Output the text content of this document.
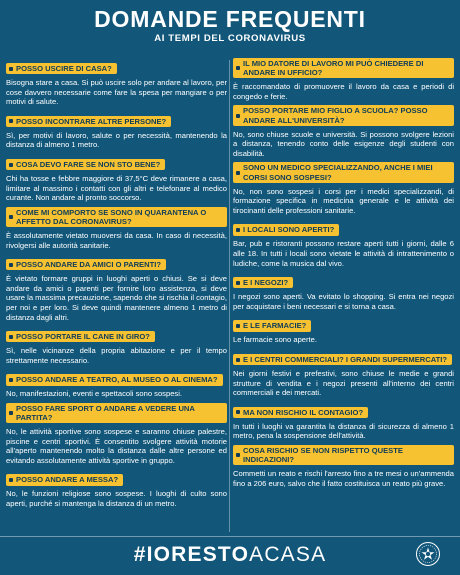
DOMANDE FREQUENTI
AI TEMPI DEL CORONAVIRUS
POSSO USCIRE DI CASA?
Bisogna stare a casa. Si può uscire solo per andare al lavoro, per cose davvero necessarie come fare la spesa per mangiare o per motivi di salute.
POSSO INCONTRARE ALTRE PERSONE?
Sì, per motivi di lavoro, salute o per necessità, mantenendo la distanza di almeno 1 metro.
COSA DEVO FARE SE NON STO BENE?
Chi ha tosse e febbre maggiore di 37,5°C deve rimanere a casa, limitare al massimo i contatti con gli altri e telefonare al medico curante. Non andare al pronto soccorso.
COME MI COMPORTO SE SONO IN QUARANTENA O AFFETTO DAL CORONAVIRUS?
È assolutamente vietato muoversi da casa. In caso di necessità, rivolgersi alle autorità sanitarie.
POSSO ANDARE DA AMICI O PARENTI?
È vietato formare gruppi in luoghi aperti o chiusi. Se si deve andare da amici o parenti per fornire loro assistenza, si deve usare la massima precauzione, sapendo che si rischia il contagio, per noi e per loro. Si deve quindi mantenere almeno 1 metro di distanza dagli altri.
POSSO PORTARE IL CANE IN GIRO?
Sì, nelle vicinanze della propria abitazione e per il tempo strettamente necessario.
POSSO ANDARE A TEATRO, AL MUSEO O AL CINEMA?
No, manifestazioni, eventi e spettacoli sono sospesi.
POSSO FARE SPORT O ANDARE A VEDERE UNA PARTITA?
No, le attività sportive sono sospese e saranno chiuse palestre, piscine e centri sportivi. È consentito svolgere attività motorie all'aperto mantenendo molto la distanza dalle altre persone ed evitando assolutamente attività sportive in gruppo.
POSSO ANDARE A MESSA?
No, le funzioni religiose sono sospese. I luoghi di culto sono aperti, purché si mantenga la distanza di un metro.
IL MIO DATORE DI LAVORO MI PUÒ CHIEDERE DI ANDARE IN UFFICIO?
È raccomandato di promuovere il lavoro da casa e periodi di congedo e ferie.
POSSO PORTARE MIO FIGLIO A SCUOLA? POSSO ANDARE ALL'UNIVERSITÀ?
No, sono chiuse scuole e università. Si possono svolgere lezioni a distanza, tenendo conto delle esigenze degli studenti con disabilità.
SONO UN MEDICO SPECIALIZZANDO, ANCHE I MIEI CORSI SONO SOSPESI?
No, non sono sospesi i corsi per i medici specializzandi, di formazione specifica in medicina generale e le attività dei tirocinanti delle professioni sanitarie.
I LOCALI SONO APERTI?
Bar, pub e ristoranti possono restare aperti tutti i giorni, dalle 6 alle 18. In tutti i locali sono vietate le attività di intrattenimento o ludiche, come la musica dal vivo.
E I NEGOZI?
I negozi sono aperti. Va evitato lo shopping. Si entra nei negozi per acquistare i beni necessari e si torna a casa.
E LE FARMACIE?
Le farmacie sono aperte.
E I CENTRI COMMERCIALI? I GRANDI SUPERMERCATI?
Nei giorni festivi e prefestivi, sono chiuse le medie e grandi strutture di vendita e i negozi presenti all'interno dei centri commerciali e dei mercati.
MA NON RISCHIO IL CONTAGIO?
In tutti i luoghi va garantita la distanza di sicurezza di almeno 1 metro, pena la sospensione dell'attività.
COSA RISCHIO SE NON RISPETTO QUESTE INDICAZIONI?
Commetti un reato e rischi l'arresto fino a tre mesi o un'ammenda fino a 206 euro, salvo che il fatto costituisca un reato più grave.
#IORESTOACASA
